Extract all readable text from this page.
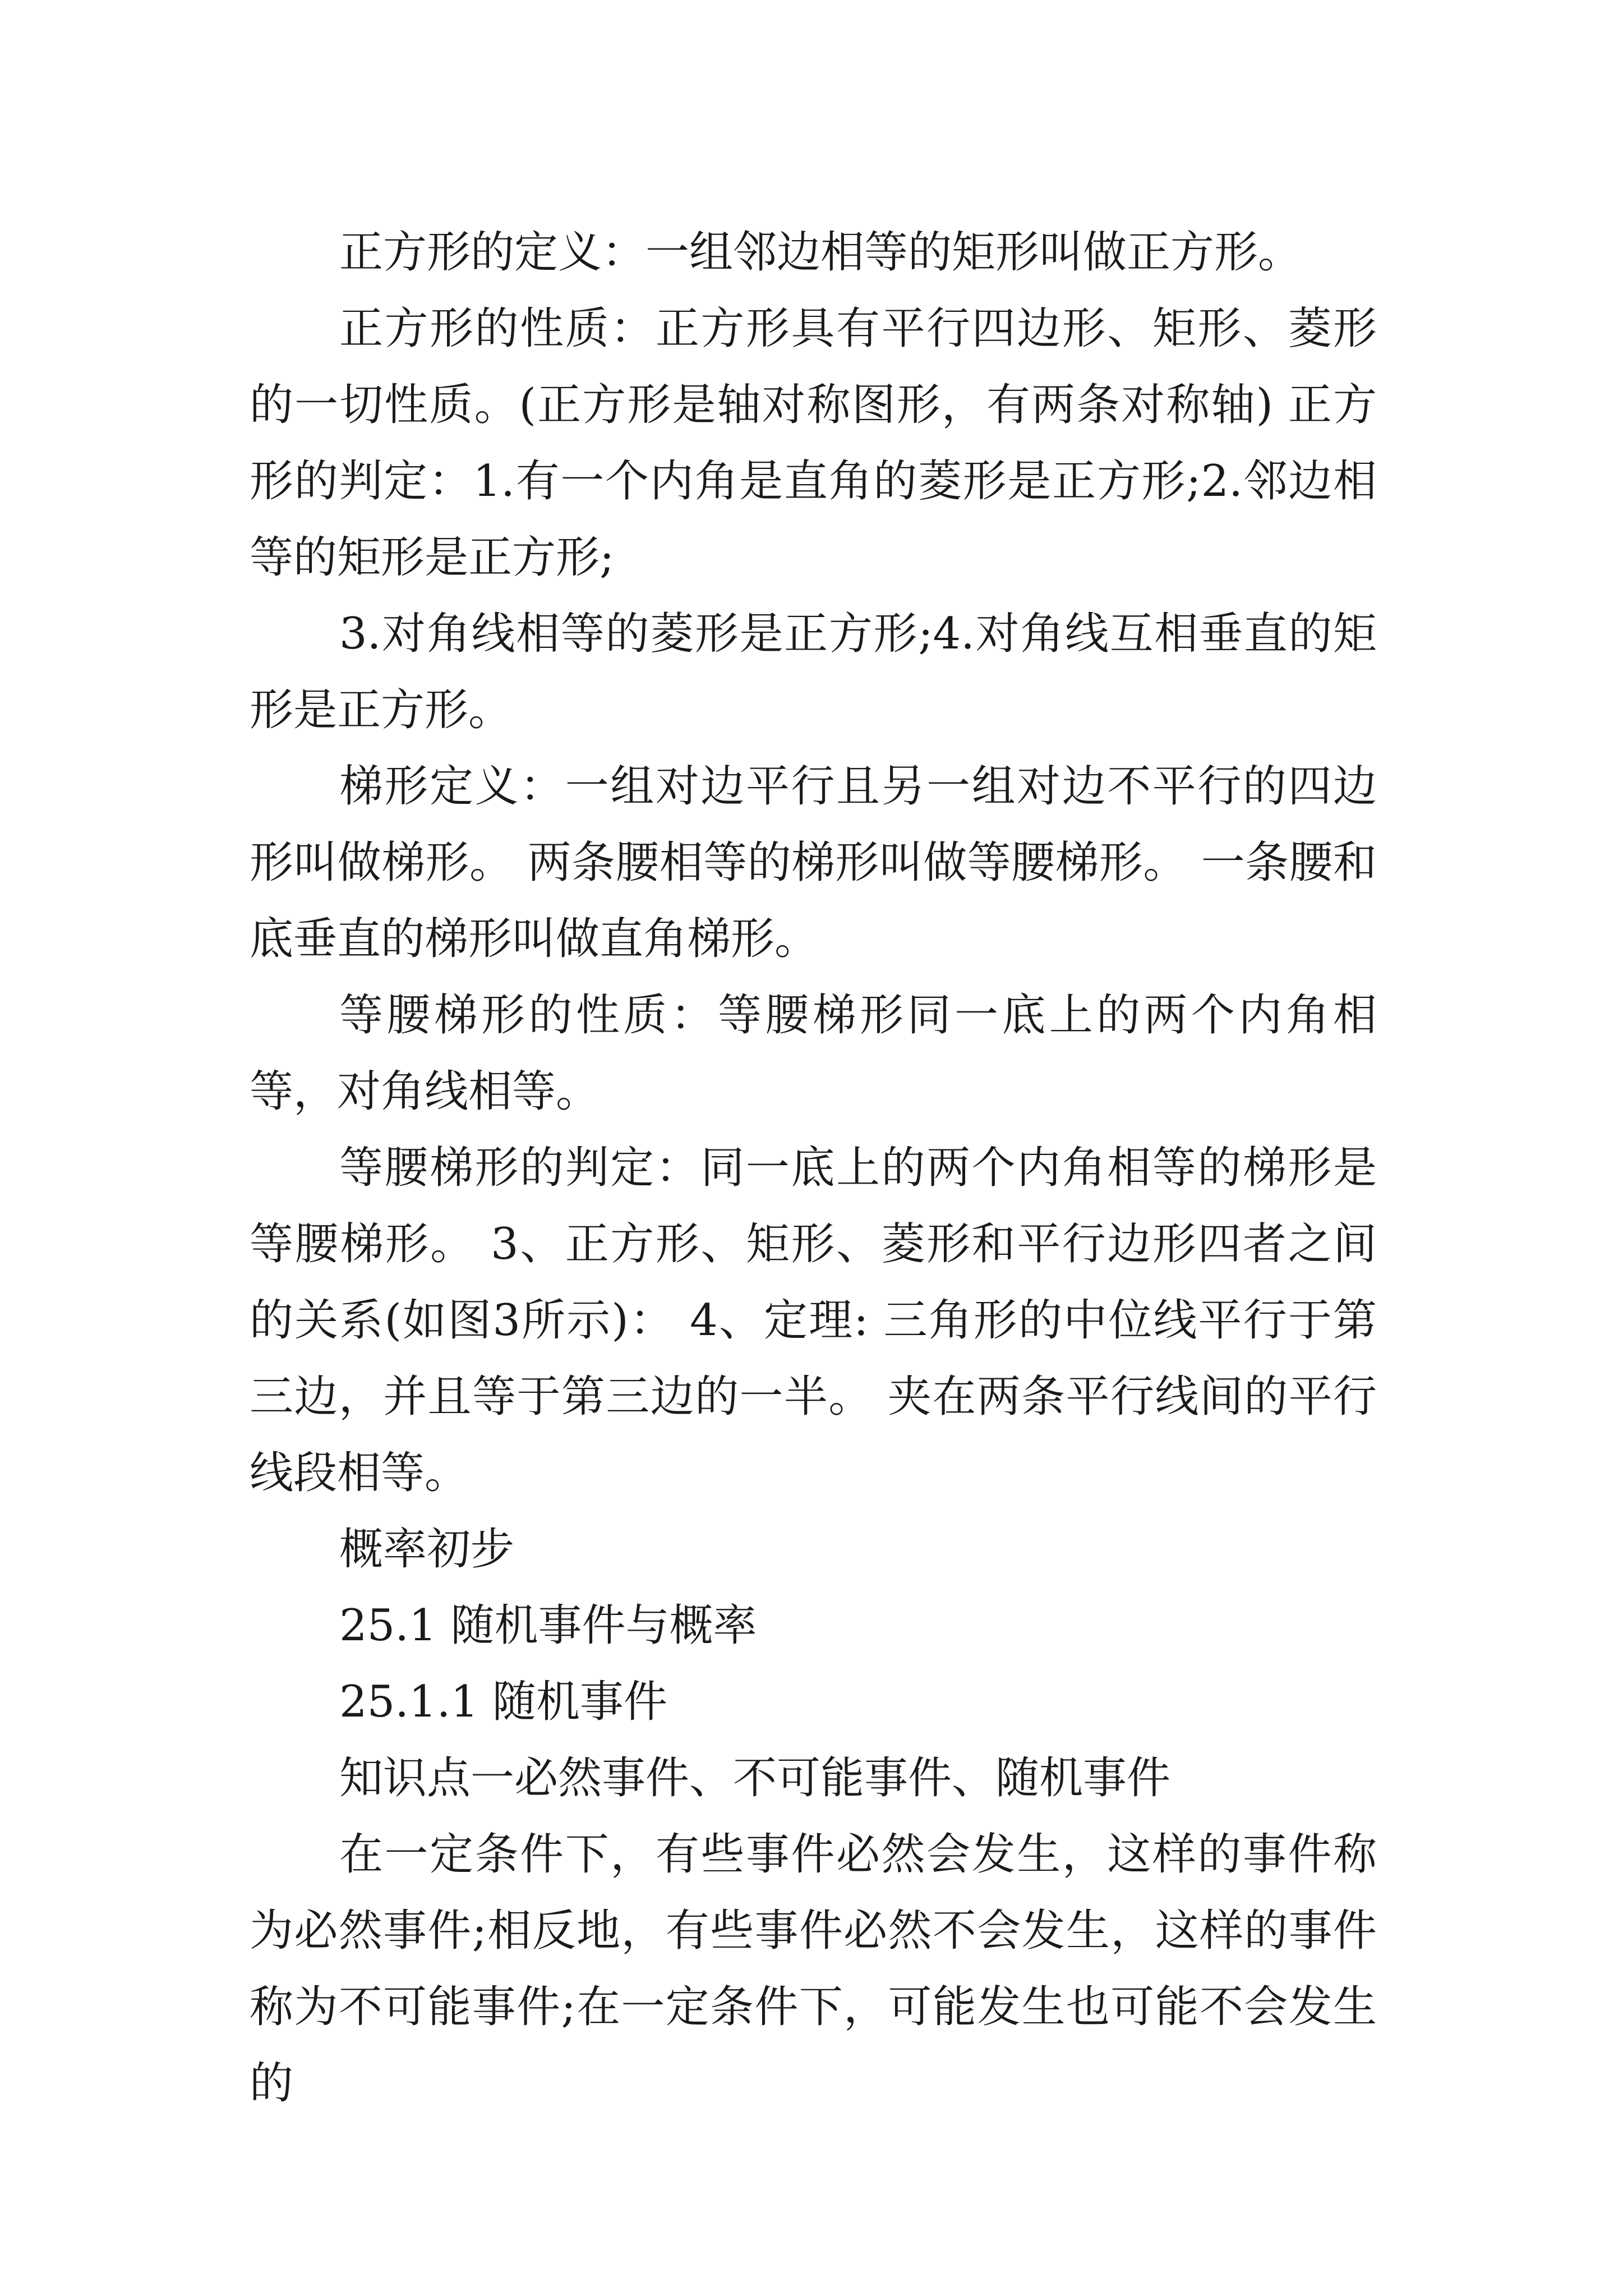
正方形的定义：一组邻边相等的矩形叫做正方形。

正方形的性质：正方形具有平行四边形、矩形、菱形的一切性质。(正方形是轴对称图形，有两条对称轴) 正方形的判定：1.有一个内角是直角的菱形是正方形;2.邻边相等的矩形是正方形;

3.对角线相等的菱形是正方形;4.对角线互相垂直的矩形是正方形。

梯形定义：一组对边平行且另一组对边不平行的四边形叫做梯形。 两条腰相等的梯形叫做等腰梯形。 一条腰和底垂直的梯形叫做直角梯形。

等腰梯形的性质：等腰梯形同一底上的两个内角相等，对角线相等。

等腰梯形的判定：同一底上的两个内角相等的梯形是等腰梯形。 3、正方形、矩形、菱形和平行边形四者之间的关系(如图3所示)： 4、定理: 三角形的中位线平行于第三边，并且等于第三边的一半。 夹在两条平行线间的平行线段相等。

概率初步

25.1 随机事件与概率

25.1.1 随机事件

知识点一必然事件、不可能事件、随机事件

在一定条件下，有些事件必然会发生，这样的事件称为必然事件;相反地，有些事件必然不会发生，这样的事件称为不可能事件;在一定条件下，可能发生也可能不会发生的
